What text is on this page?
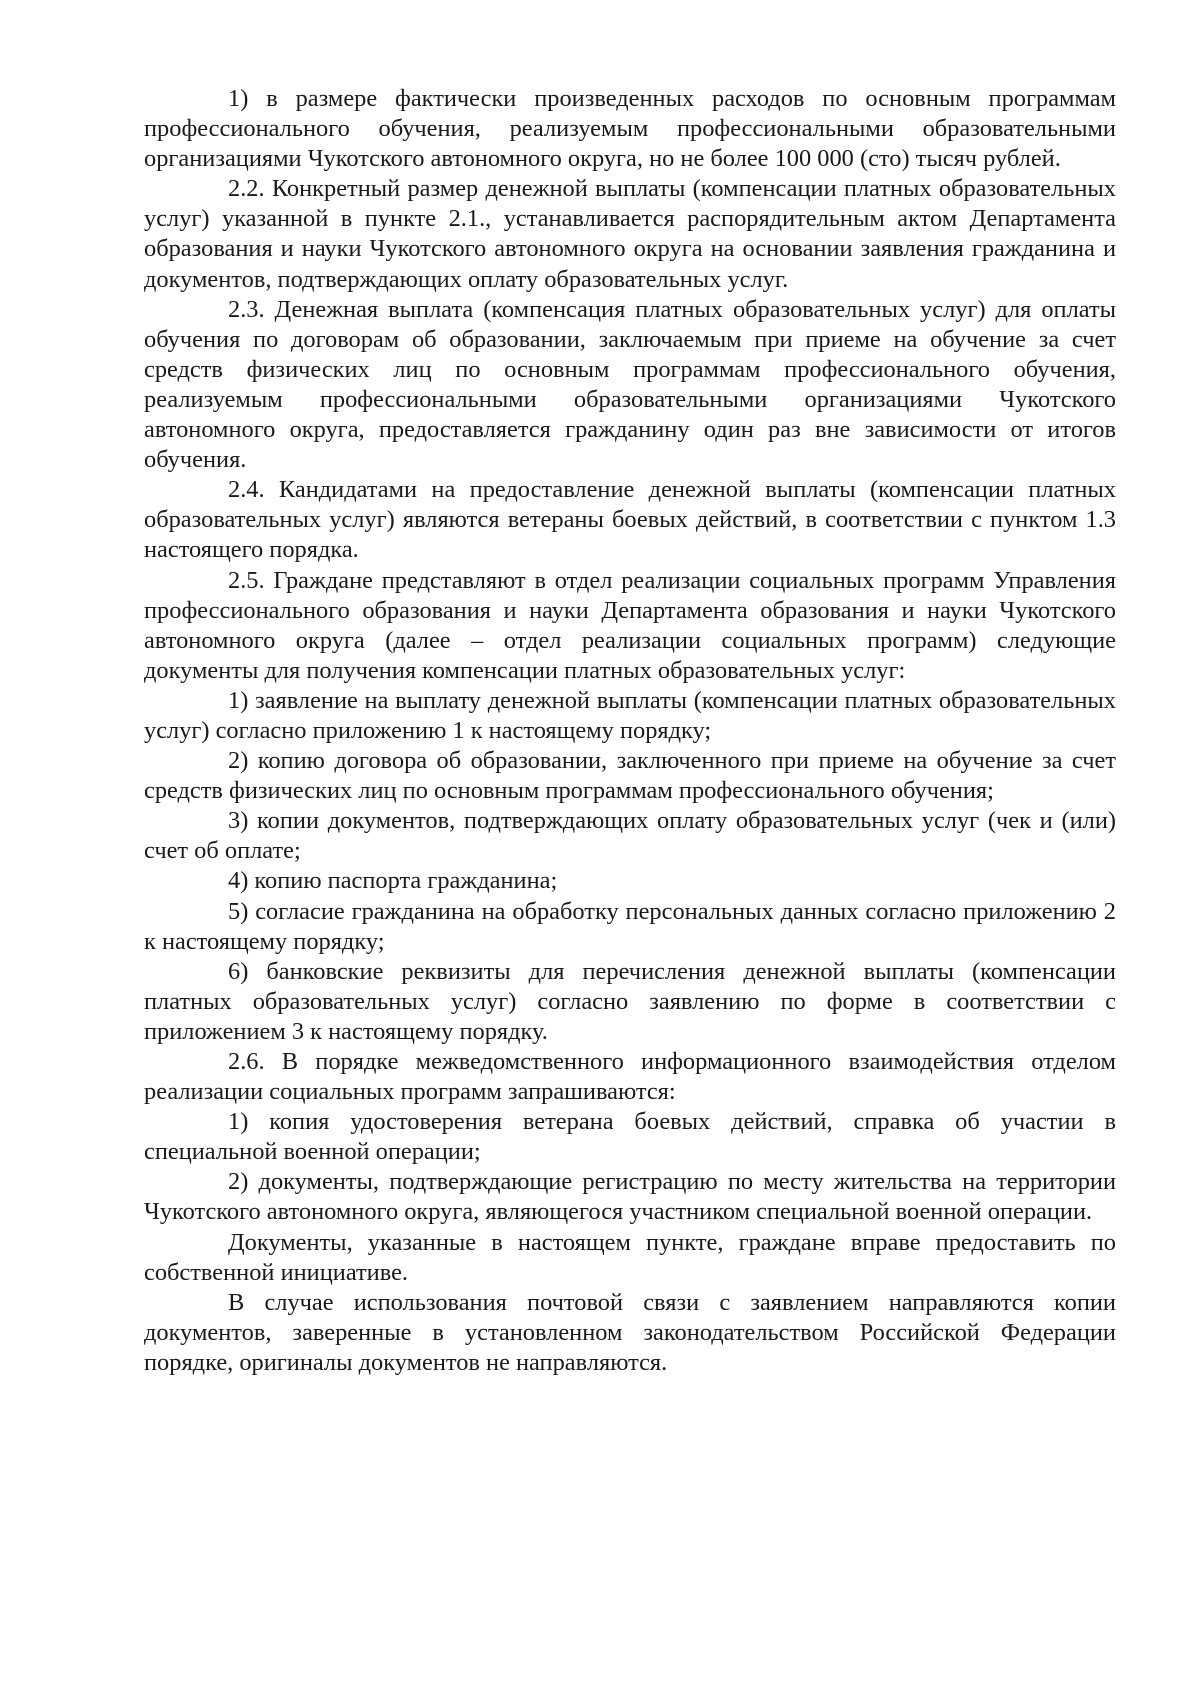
1) в размере фактически произведенных расходов по основным программам профессионального обучения, реализуемым профессиональными образовательными организациями Чукотского автономного округа, но не более 100 000 (сто) тысяч рублей.

2.2. Конкретный размер денежной выплаты (компенсации платных образовательных услуг) указанной в пункте 2.1., устанавливается распорядительным актом Департамента образования и науки Чукотского автономного округа на основании заявления гражданина и документов, подтверждающих оплату образовательных услуг.

2.3. Денежная выплата (компенсация платных образовательных услуг) для оплаты обучения по договорам об образовании, заключаемым при приеме на обучение за счет средств физических лиц по основным программам профессионального обучения, реализуемым профессиональными образовательными организациями Чукотского автономного округа, предоставляется гражданину один раз вне зависимости от итогов обучения.

2.4. Кандидатами на предоставление денежной выплаты (компенсации платных образовательных услуг) являются ветераны боевых действий, в соответствии с пунктом 1.3 настоящего порядка.

2.5. Граждане представляют в отдел реализации социальных программ Управления профессионального образования и науки Департамента образования и науки Чукотского автономного округа (далее – отдел реализации социальных программ) следующие документы для получения компенсации платных образовательных услуг:

1) заявление на выплату денежной выплаты (компенсации платных образовательных услуг) согласно приложению 1 к настоящему порядку;

2) копию договора об образовании, заключенного при приеме на обучение за счет средств физических лиц по основным программам профессионального обучения;

3) копии документов, подтверждающих оплату образовательных услуг (чек и (или) счет об оплате;

4) копию паспорта гражданина;

5) согласие гражданина на обработку персональных данных согласно приложению 2 к настоящему порядку;

6) банковские реквизиты для перечисления денежной выплаты (компенсации платных образовательных услуг) согласно заявлению по форме в соответствии с приложением 3 к настоящему порядку.

2.6. В порядке межведомственного информационного взаимодействия отделом реализации социальных программ запрашиваются:

1) копия удостоверения ветерана боевых действий, справка об участии в специальной военной операции;

2) документы, подтверждающие регистрацию по месту жительства на территории Чукотского автономного округа, являющегося участником специальной военной операции.

Документы, указанные в настоящем пункте, граждане вправе предоставить по собственной инициативе.

В случае использования почтовой связи с заявлением направляются копии документов, заверенные в установленном законодательством Российской Федерации порядке, оригиналы документов не направляются.
